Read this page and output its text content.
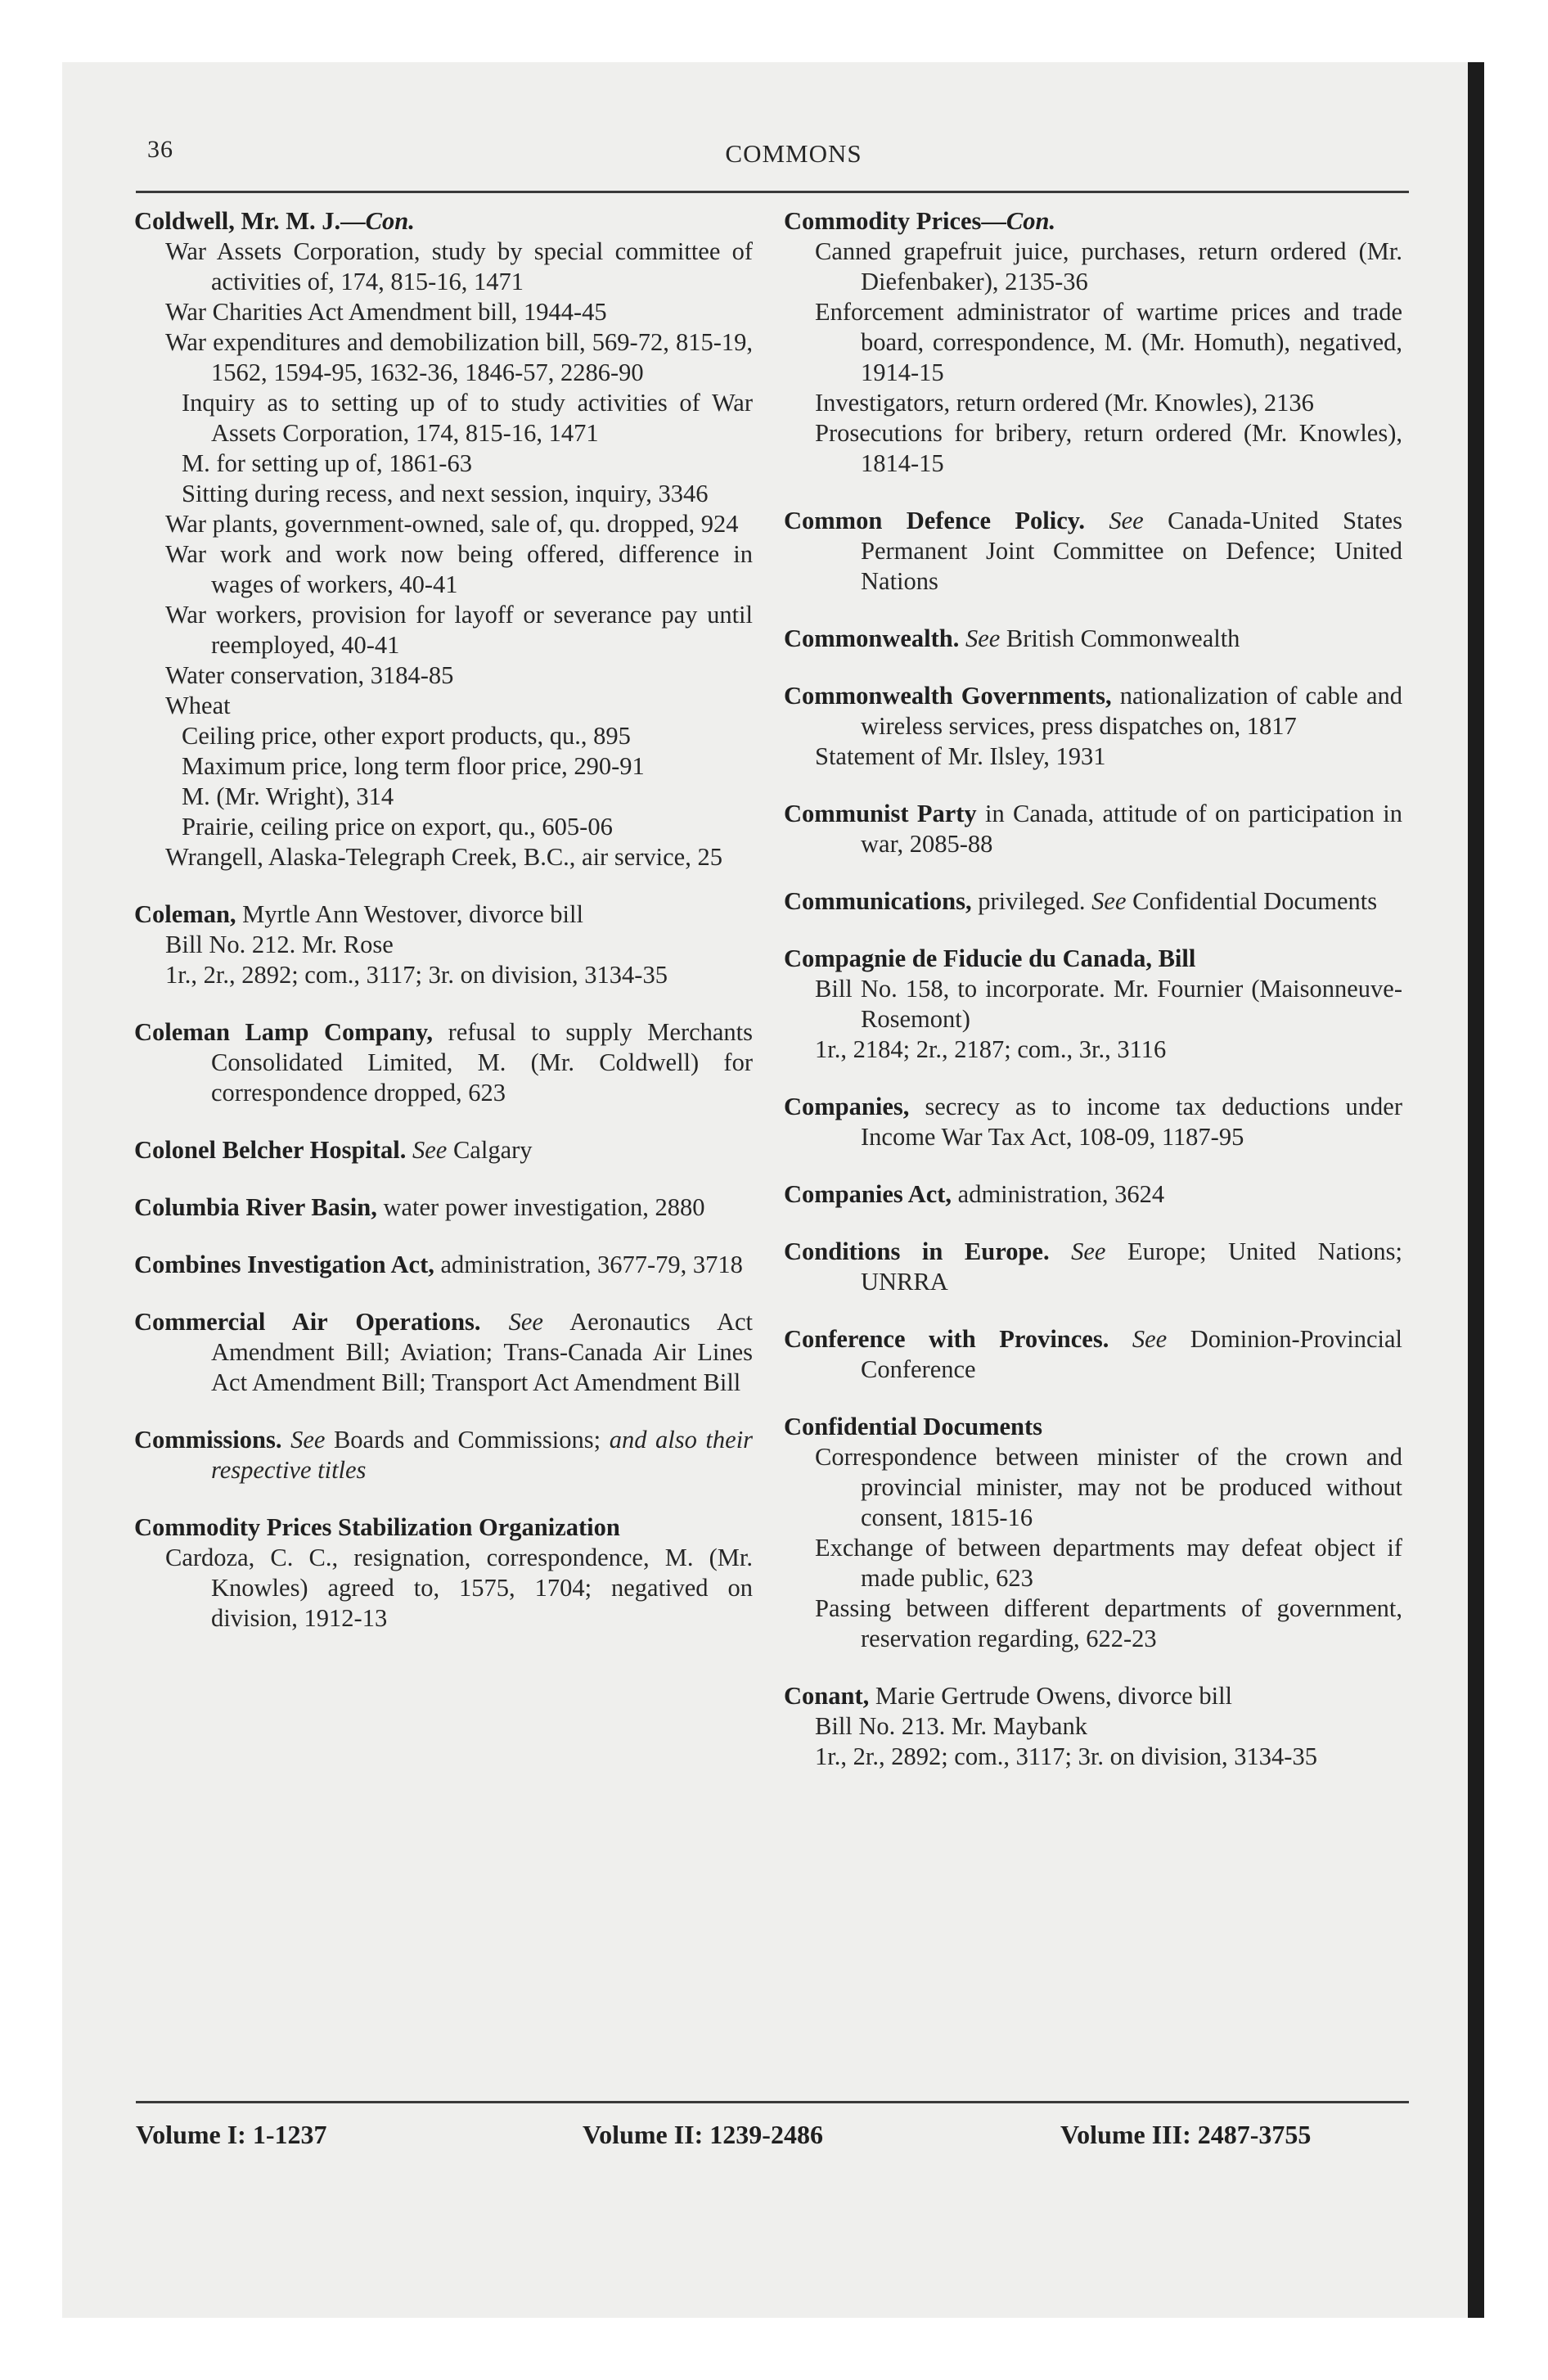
36	COMMONS
Coldwell, Mr. M. J.—Con.
War Assets Corporation, study by special committee of activities of, 174, 815-16, 1471
War Charities Act Amendment bill, 1944-45
War expenditures and demobilization bill, 569-72, 815-19, 1562, 1594-95, 1632-36, 1846-57, 2286-90
Inquiry as to setting up of to study activities of War Assets Corporation, 174, 815-16, 1471
M. for setting up of, 1861-63
Sitting during recess, and next session, inquiry, 3346
War plants, government-owned, sale of, qu. dropped, 924
War work and work now being offered, difference in wages of workers, 40-41
War workers, provision for layoff or severance pay until reemployed, 40-41
Water conservation, 3184-85
Wheat
Ceiling price, other export products, qu., 895
Maximum price, long term floor price, 290-91
M. (Mr. Wright), 314
Prairie, ceiling price on export, qu., 605-06
Wrangell, Alaska-Telegraph Creek, B.C., air service, 25
Coleman, Myrtle Ann Westover, divorce bill
Bill No. 212. Mr. Rose
1r., 2r., 2892; com., 3117; 3r. on division, 3134-35
Coleman Lamp Company, refusal to supply Merchants Consolidated Limited, M. (Mr. Coldwell) for correspondence dropped, 623
Colonel Belcher Hospital. See Calgary
Columbia River Basin, water power investigation, 2880
Combines Investigation Act, administration, 3677-79, 3718
Commercial Air Operations. See Aeronautics Act Amendment Bill; Aviation; Trans-Canada Air Lines Act Amendment Bill; Transport Act Amendment Bill
Commissions. See Boards and Commissions; and also their respective titles
Commodity Prices Stabilization Organization
Cardoza, C. C., resignation, correspondence, M. (Mr. Knowles) agreed to, 1575, 1704; negatived on division, 1912-13
Commodity Prices—Con.
Canned grapefruit juice, purchases, return ordered (Mr. Diefenbaker), 2135-36
Enforcement administrator of wartime prices and trade board, correspondence, M. (Mr. Homuth), negatived, 1914-15
Investigators, return ordered (Mr. Knowles), 2136
Prosecutions for bribery, return ordered (Mr. Knowles), 1814-15
Common Defence Policy. See Canada-United States Permanent Joint Committee on Defence; United Nations
Commonwealth. See British Commonwealth
Commonwealth Governments, nationalization of cable and wireless services, press dispatches on, 1817
Statement of Mr. Ilsley, 1931
Communist Party in Canada, attitude of on participation in war, 2085-88
Communications, privileged. See Confidential Documents
Compagnie de Fiducie du Canada, Bill
Bill No. 158, to incorporate. Mr. Fournier (Maisonneuve-Rosemont)
1r., 2184; 2r., 2187; com., 3r., 3116
Companies, secrecy as to income tax deductions under Income War Tax Act, 108-09, 1187-95
Companies Act, administration, 3624
Conditions in Europe. See Europe; United Nations; UNRRA
Conference with Provinces. See Dominion-Provincial Conference
Confidential Documents
Correspondence between minister of the crown and provincial minister, may not be produced without consent, 1815-16
Exchange of between departments may defeat object if made public, 623
Passing between different departments of government, reservation regarding, 622-23
Conant, Marie Gertrude Owens, divorce bill
Bill No. 213. Mr. Maybank
1r., 2r., 2892; com., 3117; 3r. on division, 3134-35
Volume I: 1-1237	Volume II: 1239-2486	Volume III: 2487-3755
